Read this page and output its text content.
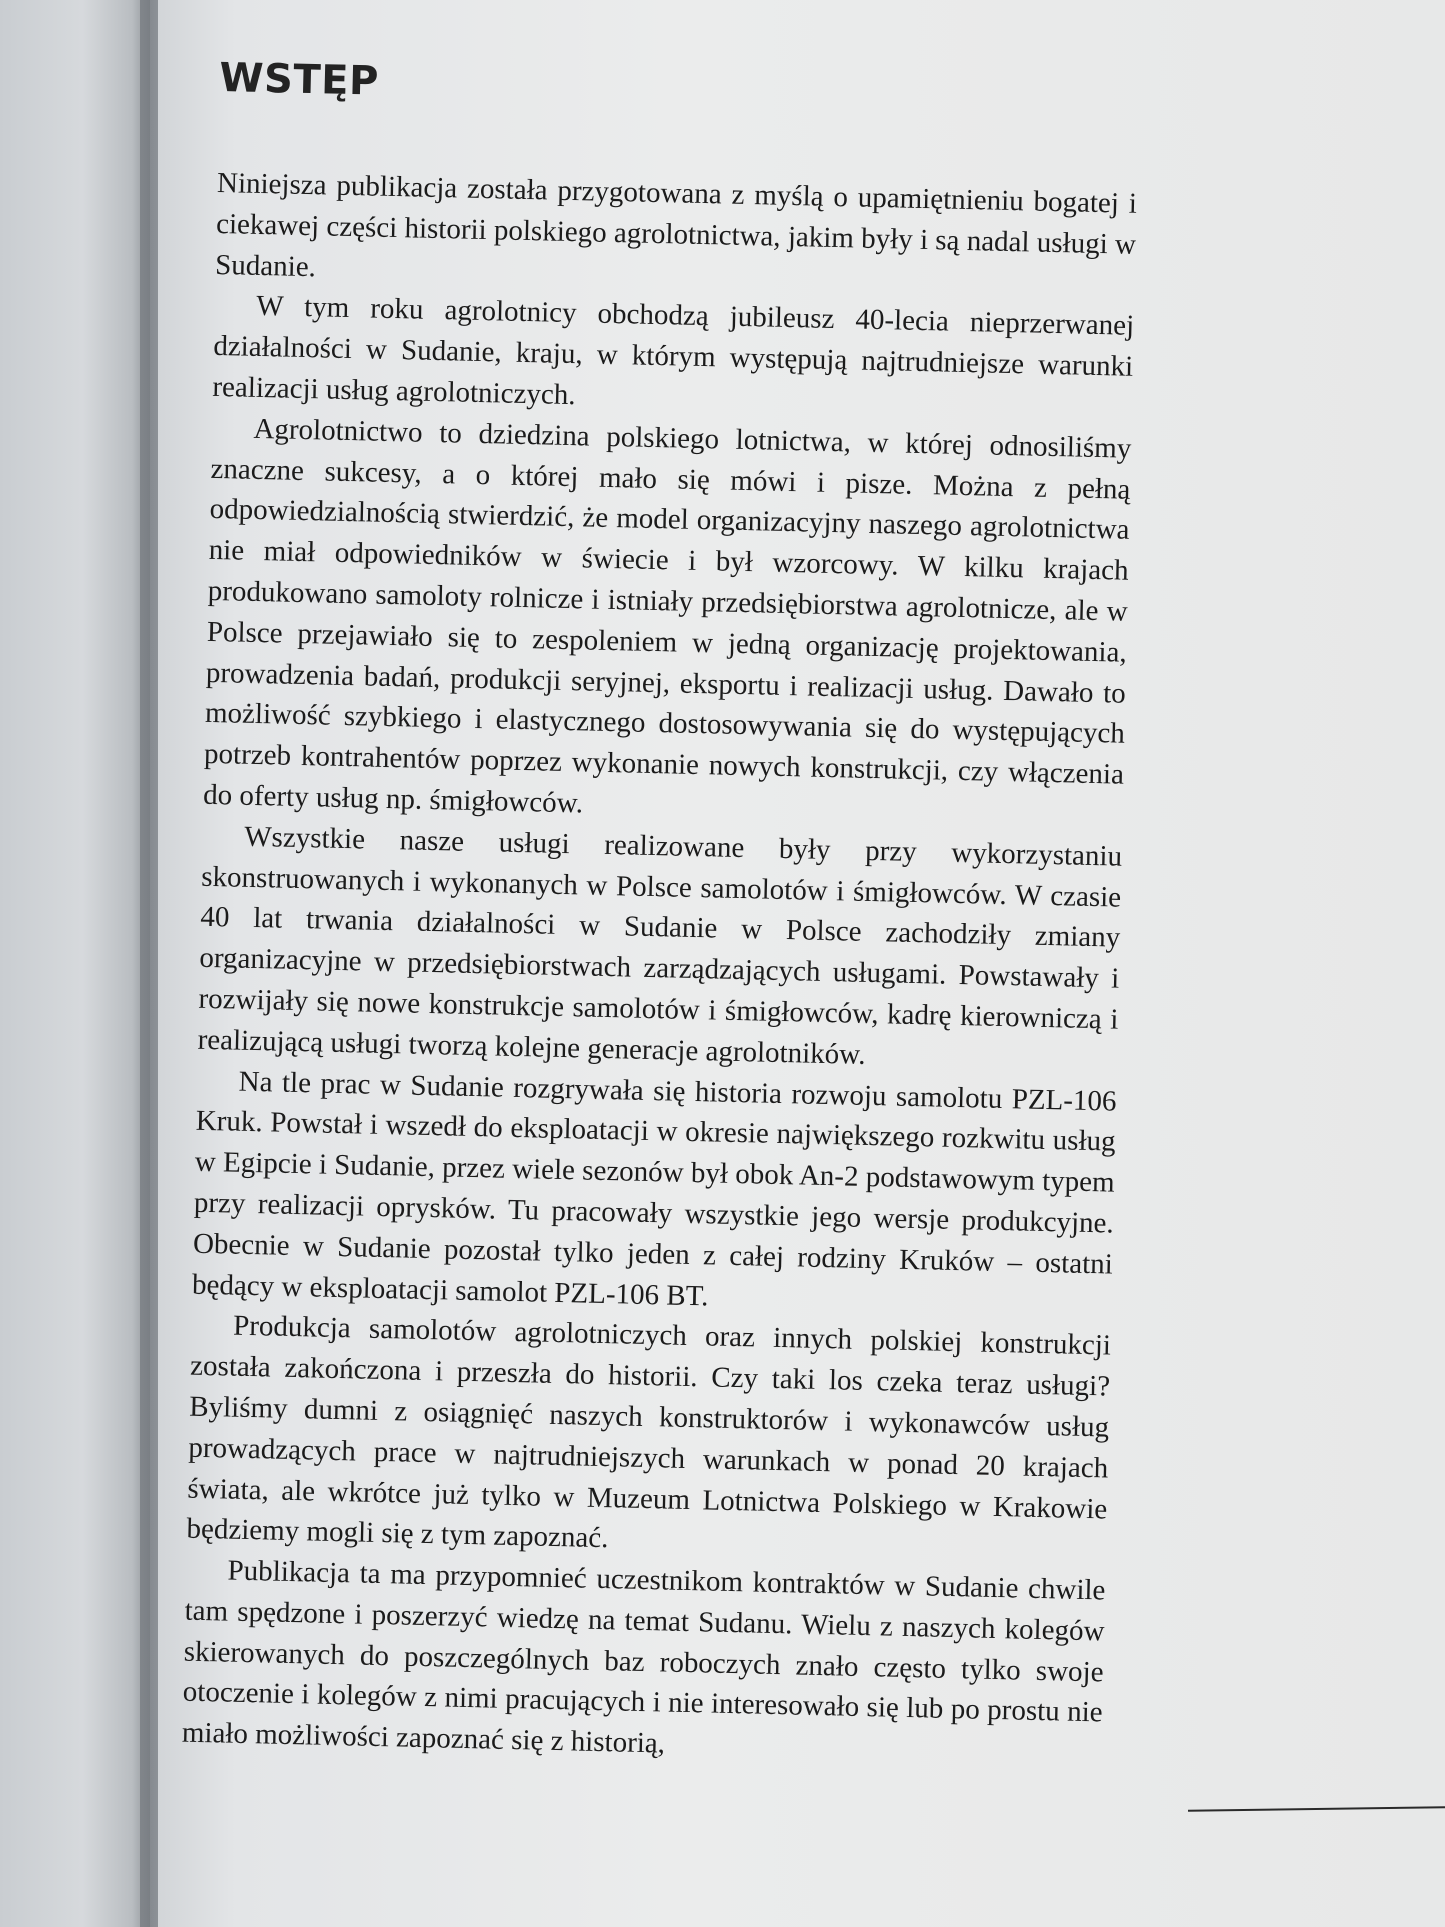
WSTĘP

Niniejsza publikacja została przygotowana z myślą o upamiętnieniu bogatej i ciekawej części historii polskiego agrolotnictwa, jakim były i są nadal usługi w Sudanie.

W tym roku agrolotnicy obchodzą jubileusz 40-lecia nieprzerwanej działalności w Sudanie, kraju, w którym występują najtrudniejsze warunki realizacji usług agrolotniczych.

Agrolotnictwo to dziedzina polskiego lotnictwa, w której odnosiliśmy znaczne sukcesy, a o której mało się mówi i pisze. Można z pełną odpowiedzialnością stwierdzić, że model organizacyjny naszego agrolotnictwa nie miał odpowiedników w świecie i był wzorcowy. W kilku krajach produkowano samoloty rolnicze i istniały przedsiębiorstwa agrolotnicze, ale w Polsce przejawiało się to zespoleniem w jedną organizację projektowania, prowadzenia badań, produkcji seryjnej, eksportu i realizacji usług. Dawało to możliwość szybkiego i elastycznego dostosowywania się do występujących potrzeb kontrahentów poprzez wykonanie nowych konstrukcji, czy włączenia do oferty usług np. śmigłowców.

Wszystkie nasze usługi realizowane były przy wykorzystaniu skonstruowanych i wykonanych w Polsce samolotów i śmigłowców. W czasie 40 lat trwania działalności w Sudanie w Polsce zachodziły zmiany organizacyjne w przedsiębiorstwach zarządzających usługami. Powstawały i rozwijały się nowe konstrukcje samolotów i śmigłowców, kadrę kierowniczą i realizującą usługi tworzą kolejne generacje agrolotników.

Na tle prac w Sudanie rozgrywała się historia rozwoju samolotu PZL-106 Kruk. Powstał i wszedł do eksploatacji w okresie największego rozkwitu usług w Egipcie i Sudanie, przez wiele sezonów był obok An-2 podstawowym typem przy realizacji oprysków. Tu pracowały wszystkie jego wersje produkcyjne. Obecnie w Sudanie pozostał tylko jeden z całej rodziny Kruków – ostatni będący w eksploatacji samolot PZL-106 BT.

Produkcja samolotów agrolotniczych oraz innych polskiej konstrukcji została zakończona i przeszła do historii. Czy taki los czeka teraz usługi? Byliśmy dumni z osiągnięć naszych konstruktorów i wykonawców usług prowadzących prace w najtrudniejszych warunkach w ponad 20 krajach świata, ale wkrótce już tylko w Muzeum Lotnictwa Polskiego w Krakowie będziemy mogli się z tym zapoznać.

Publikacja ta ma przypomnieć uczestnikom kontraktów w Sudanie chwile tam spędzone i poszerzyć wiedzę na temat Sudanu. Wielu z naszych kolegów skierowanych do poszczególnych baz roboczych znało często tylko swoje otoczenie i kolegów z nimi pracujących i nie interesowało się lub po prostu nie miało możliwości zapoznać się z historią,
